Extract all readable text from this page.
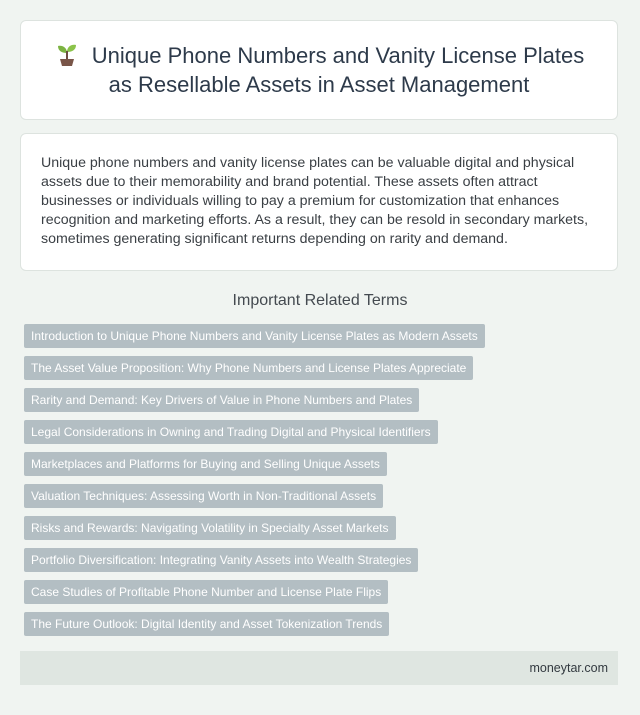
Unique Phone Numbers and Vanity License Plates as Resellable Assets in Asset Management

Unique phone numbers and vanity license plates can be valuable digital and physical assets due to their memorability and brand potential. These assets often attract businesses or individuals willing to pay a premium for customization that enhances recognition and marketing efforts. As a result, they can be resold in secondary markets, sometimes generating significant returns depending on rarity and demand.

Important Related Terms
Introduction to Unique Phone Numbers and Vanity License Plates as Modern Assets
The Asset Value Proposition: Why Phone Numbers and License Plates Appreciate
Rarity and Demand: Key Drivers of Value in Phone Numbers and Plates
Legal Considerations in Owning and Trading Digital and Physical Identifiers
Marketplaces and Platforms for Buying and Selling Unique Assets
Valuation Techniques: Assessing Worth in Non-Traditional Assets
Risks and Rewards: Navigating Volatility in Specialty Asset Markets
Portfolio Diversification: Integrating Vanity Assets into Wealth Strategies
Case Studies of Profitable Phone Number and License Plate Flips
The Future Outlook: Digital Identity and Asset Tokenization Trends
moneytar.com
